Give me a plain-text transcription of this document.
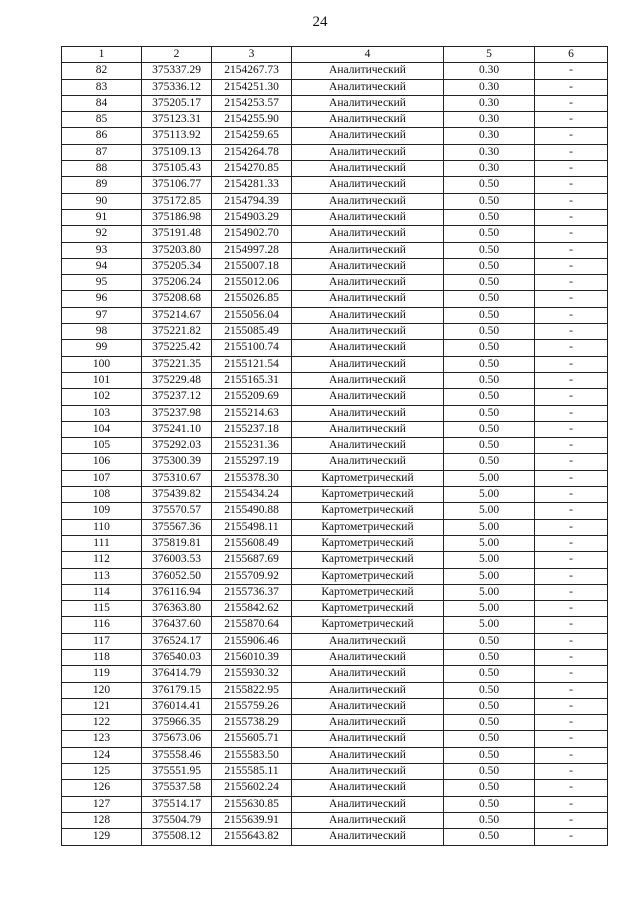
24
1	2	3	4	5	6
82	375337.29	2154267.73	Аналитический	0.30	-
83	375336.12	2154251.30	Аналитический	0.30	-
84	375205.17	2154253.57	Аналитический	0.30	-
85	375123.31	2154255.90	Аналитический	0.30	-
86	375113.92	2154259.65	Аналитический	0.30	-
87	375109.13	2154264.78	Аналитический	0.30	-
88	375105.43	2154270.85	Аналитический	0.30	-
89	375106.77	2154281.33	Аналитический	0.50	-
90	375172.85	2154794.39	Аналитический	0.50	-
91	375186.98	2154903.29	Аналитический	0.50	-
92	375191.48	2154902.70	Аналитический	0.50	-
93	375203.80	2154997.28	Аналитический	0.50	-
94	375205.34	2155007.18	Аналитический	0.50	-
95	375206.24	2155012.06	Аналитический	0.50	-
96	375208.68	2155026.85	Аналитический	0.50	-
97	375214.67	2155056.04	Аналитический	0.50	-
98	375221.82	2155085.49	Аналитический	0.50	-
99	375225.42	2155100.74	Аналитический	0.50	-
100	375221.35	2155121.54	Аналитический	0.50	-
101	375229.48	2155165.31	Аналитический	0.50	-
102	375237.12	2155209.69	Аналитический	0.50	-
103	375237.98	2155214.63	Аналитический	0.50	-
104	375241.10	2155237.18	Аналитический	0.50	-
105	375292.03	2155231.36	Аналитический	0.50	-
106	375300.39	2155297.19	Аналитический	0.50	-
107	375310.67	2155378.30	Картометрический	5.00	-
108	375439.82	2155434.24	Картометрический	5.00	-
109	375570.57	2155490.88	Картометрический	5.00	-
110	375567.36	2155498.11	Картометрический	5.00	-
111	375819.81	2155608.49	Картометрический	5.00	-
112	376003.53	2155687.69	Картометрический	5.00	-
113	376052.50	2155709.92	Картометрический	5.00	-
114	376116.94	2155736.37	Картометрический	5.00	-
115	376363.80	2155842.62	Картометрический	5.00	-
116	376437.60	2155870.64	Картометрический	5.00	-
117	376524.17	2155906.46	Аналитический	0.50	-
118	376540.03	2156010.39	Аналитический	0.50	-
119	376414.79	2155930.32	Аналитический	0.50	-
120	376179.15	2155822.95	Аналитический	0.50	-
121	376014.41	2155759.26	Аналитический	0.50	-
122	375966.35	2155738.29	Аналитический	0.50	-
123	375673.06	2155605.71	Аналитический	0.50	-
124	375558.46	2155583.50	Аналитический	0.50	-
125	375551.95	2155585.11	Аналитический	0.50	-
126	375537.58	2155602.24	Аналитический	0.50	-
127	375514.17	2155630.85	Аналитический	0.50	-
128	375504.79	2155639.91	Аналитический	0.50	-
129	375508.12	2155643.82	Аналитический	0.50	-
